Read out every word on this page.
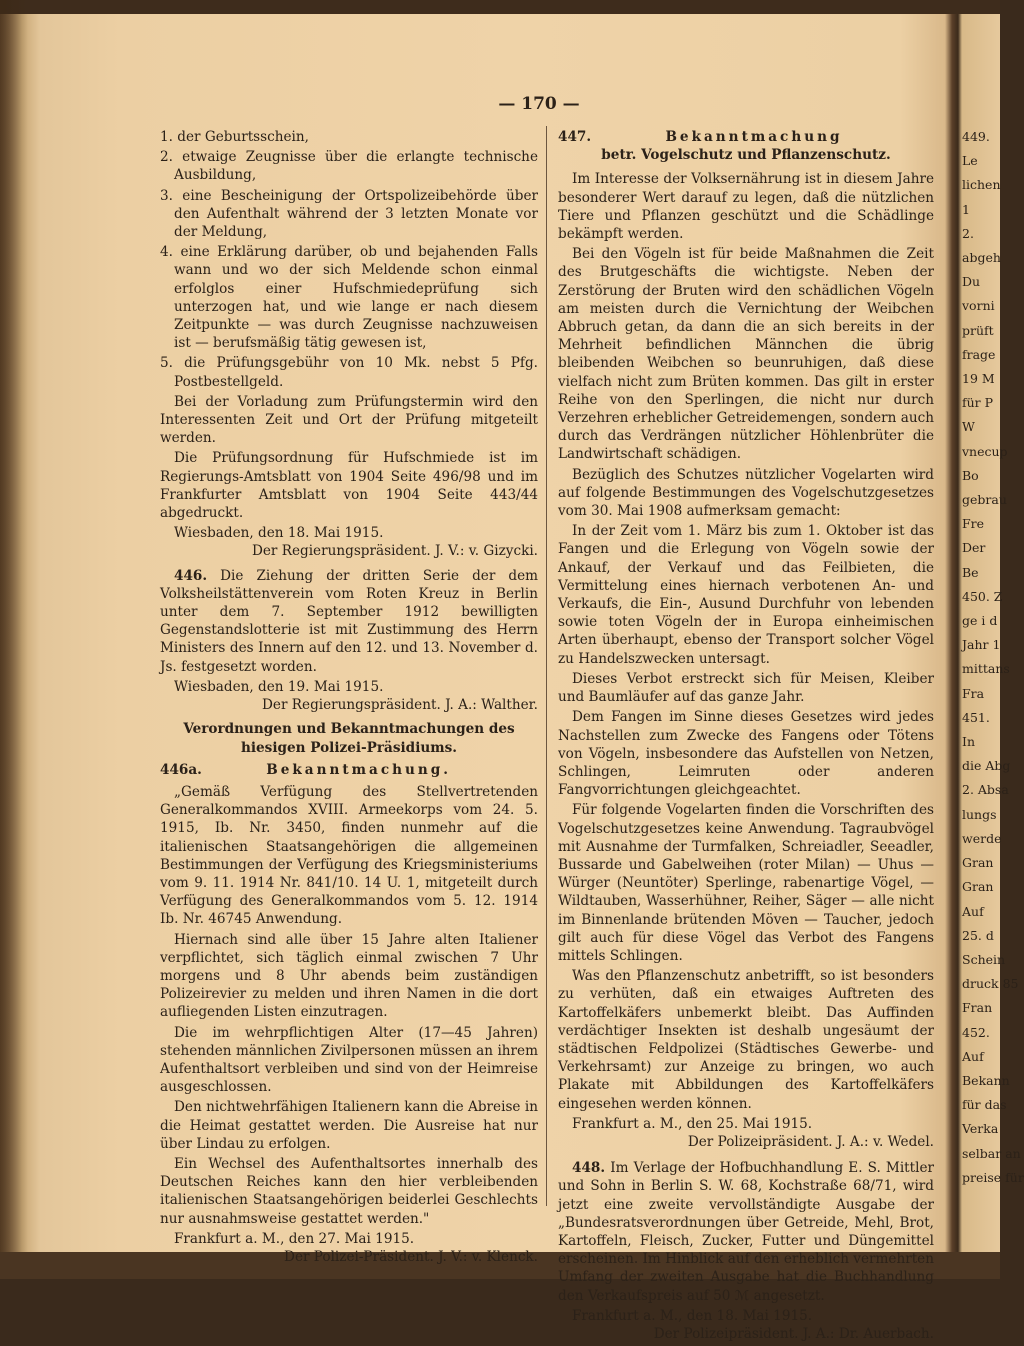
— 170 —

1. der Geburtsschein,

2. etwaige Zeugnisse über die erlangte technische Ausbildung,

3. eine Bescheinigung der Ortspolizeibehörde über den Aufenthalt während der 3 letzten Monate vor der Meldung,

4. eine Erklärung darüber, ob und bejahenden Falls wann und wo der sich Meldende schon einmal erfolglos einer Hufschmiedeprüfung sich unterzogen hat, und wie lange er nach diesem Zeitpunkte — was durch Zeugnisse nachzuweisen ist — berufsmäßig tätig gewesen ist,

5. die Prüfungsgebühr von 10 Mk. nebst 5 Pfg. Postbestellgeld.

Bei der Vorladung zum Prüfungstermin wird den Interessenten Zeit und Ort der Prüfung mitgeteilt werden.

Die Prüfungsordnung für Hufschmiede ist im Regierungs-Amtsblatt von 1904 Seite 496/98 und im Frankfurter Amtsblatt von 1904 Seite 443/44 abgedruckt.

Wiesbaden, den 18. Mai 1915.

Der Regierungspräsident. J. V.: v. Gizycki.

446. Die Ziehung der dritten Serie der dem Volksheilstättenverein vom Roten Kreuz in Berlin unter dem 7. September 1912 bewilligten Gegenstandslotterie ist mit Zustimmung des Herrn Ministers des Innern auf den 12. und 13. November d. Js. festgesetzt worden.

Wiesbaden, den 19. Mai 1915.

Der Regierungspräsident. J. A.: Walther.

Verordnungen und Bekanntmachungen des hiesigen Polizei-Präsidiums.

446a.	Bekanntmachung.

„Gemäß Verfügung des Stellvertretenden Generalkommandos XVIII. Armeekorps vom 24. 5. 1915, Ib. Nr. 3450, finden nunmehr auf die italienischen Staatsangehörigen die allgemeinen Bestimmungen der Verfügung des Kriegsministeriums vom 9. 11. 1914 Nr. 841/10. 14 U. 1, mitgeteilt durch Verfügung des Generalkommandos vom 5. 12. 1914 Ib. Nr. 46745 Anwendung.

Hiernach sind alle über 15 Jahre alten Italiener verpflichtet, sich täglich einmal zwischen 7 Uhr morgens und 8 Uhr abends beim zuständigen Polizeirevier zu melden und ihren Namen in die dort aufliegenden Listen einzutragen.

Die im wehrpflichtigen Alter (17—45 Jahren) stehenden männlichen Zivilpersonen müssen an ihrem Aufenthaltsort verbleiben und sind von der Heimreise ausgeschlossen.

Den nichtwehrfähigen Italienern kann die Abreise in die Heimat gestattet werden. Die Ausreise hat nur über Lindau zu erfolgen.

Ein Wechsel des Aufenthaltsortes innerhalb des Deutschen Reiches kann den hier verbleibenden italienischen Staatsangehörigen beiderlei Geschlechts nur ausnahmsweise gestattet werden."

Frankfurt a. M., den 27. Mai 1915.

Der Polizei-Präsident. J. V.: v. Klenck.

447.	Bekanntmachung

betr. Vogelschutz und Pflanzenschutz.

Im Interesse der Volksernährung ist in diesem Jahre besonderer Wert darauf zu legen, daß die nützlichen Tiere und Pflanzen geschützt und die Schädlinge bekämpft werden.

Bei den Vögeln ist für beide Maßnahmen die Zeit des Brutgeschäfts die wichtigste. Neben der Zerstörung der Bruten wird den schädlichen Vögeln am meisten durch die Vernichtung der Weibchen Abbruch getan, da dann die an sich bereits in der Mehrheit befindlichen Männchen die übrig bleibenden Weibchen so beunruhigen, daß diese vielfach nicht zum Brüten kommen. Das gilt in erster Reihe von den Sperlingen, die nicht nur durch Verzehren erheblicher Getreidemengen, sondern auch durch das Verdrängen nützlicher Höhlenbrüter die Landwirtschaft schädigen.

Bezüglich des Schutzes nützlicher Vogelarten wird auf folgende Bestimmungen des Vogelschutzgesetzes vom 30. Mai 1908 aufmerksam gemacht:

In der Zeit vom 1. März bis zum 1. Oktober ist das Fangen und die Erlegung von Vögeln sowie der Ankauf, der Verkauf und das Feilbieten, die Vermittelung eines hiernach verbotenen An- und Verkaufs, die Ein-, Ausund Durchfuhr von lebenden sowie toten Vögeln der in Europa einheimischen Arten überhaupt, ebenso der Transport solcher Vögel zu Handelszwecken untersagt.

Dieses Verbot erstreckt sich für Meisen, Kleiber und Baumläufer auf das ganze Jahr.

Dem Fangen im Sinne dieses Gesetzes wird jedes Nachstellen zum Zwecke des Fangens oder Tötens von Vögeln, insbesondere das Aufstellen von Netzen, Schlingen, Leimruten oder anderen Fangvorrichtungen gleichgeachtet.

Für folgende Vogelarten finden die Vorschriften des Vogelschutzgesetzes keine Anwendung. Tagraubvögel mit Ausnahme der Turmfalken, Schreiadler, Seeadler, Bussarde und Gabelweihen (roter Milan) — Uhus — Würger (Neuntöter) Sperlinge, rabenartige Vögel, — Wildtauben, Wasserhühner, Reiher, Säger — alle nicht im Binnenlande brütenden Möven — Taucher, jedoch gilt auch für diese Vögel das Verbot des Fangens mittels Schlingen.

Was den Pflanzenschutz anbetrifft, so ist besonders zu verhüten, daß ein etwaiges Auftreten des Kartoffelkäfers unbemerkt bleibt. Das Auffinden verdächtiger Insekten ist deshalb ungesäumt der städtischen Feldpolizei (Städtisches Gewerbe- und Verkehrsamt) zur Anzeige zu bringen, wo auch Plakate mit Abbildungen des Kartoffelkäfers eingesehen werden können.

Frankfurt a. M., den 25. Mai 1915.

Der Polizeipräsident. J. A.: v. Wedel.

448. Im Verlage der Hofbuchhandlung E. S. Mittler und Sohn in Berlin S. W. 68, Kochstraße 68/71, wird jetzt eine zweite vervollständigte Ausgabe der „Bundesratsverordnungen über Getreide, Mehl, Brot, Kartoffeln, Fleisch, Zucker, Futter und Düngemittel erscheinen. Im Hinblick auf den erheblich vermehrten Umfang der zweiten Ausgabe hat die Buchhandlung den Verkaufspreis auf 50 ℳ angesetzt.

Frankfurt a. M., den 18. Mai 1915.

Der Polizeipräsident. J. A.: Dr. Auerbach.

449.
Le
lichen
1
2.
abgeh
Du
vorni
prüft
frage
19 M
für P
W
vnecup
Bo
gebrau
Fre
Der
Be
450. Z
ge i d
Jahr 1
mittans
Fra
451.
In
die Abg
2. Absa
lungs
werde
Gran
Gran
Auf
25. d
Schein
druck 85
Fran
452.
Auf
Bekann
für das
Verka
selbar an
preise für
